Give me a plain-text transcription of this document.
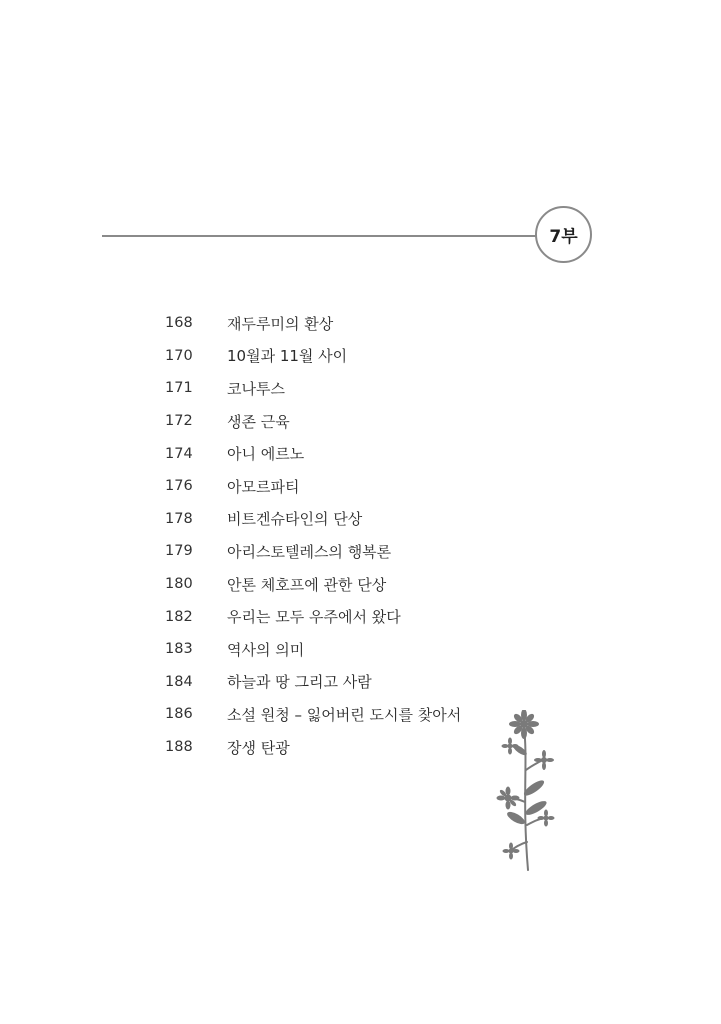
7부
168	재두루미의 환상
170	10월과 11월 사이
171	코나투스
172	생존 근육
174	아니 에르노
176	아모르파티
178	비트겐슈타인의 단상
179	아리스토텔레스의 행복론
180	안톤 체호프에 관한 단상
182	우리는 모두 우주에서 왔다
183	역사의 의미
184	하늘과 땅 그리고 사람
186	소설 원청 – 잃어버린 도시를 찾아서
188	장생 탄광
